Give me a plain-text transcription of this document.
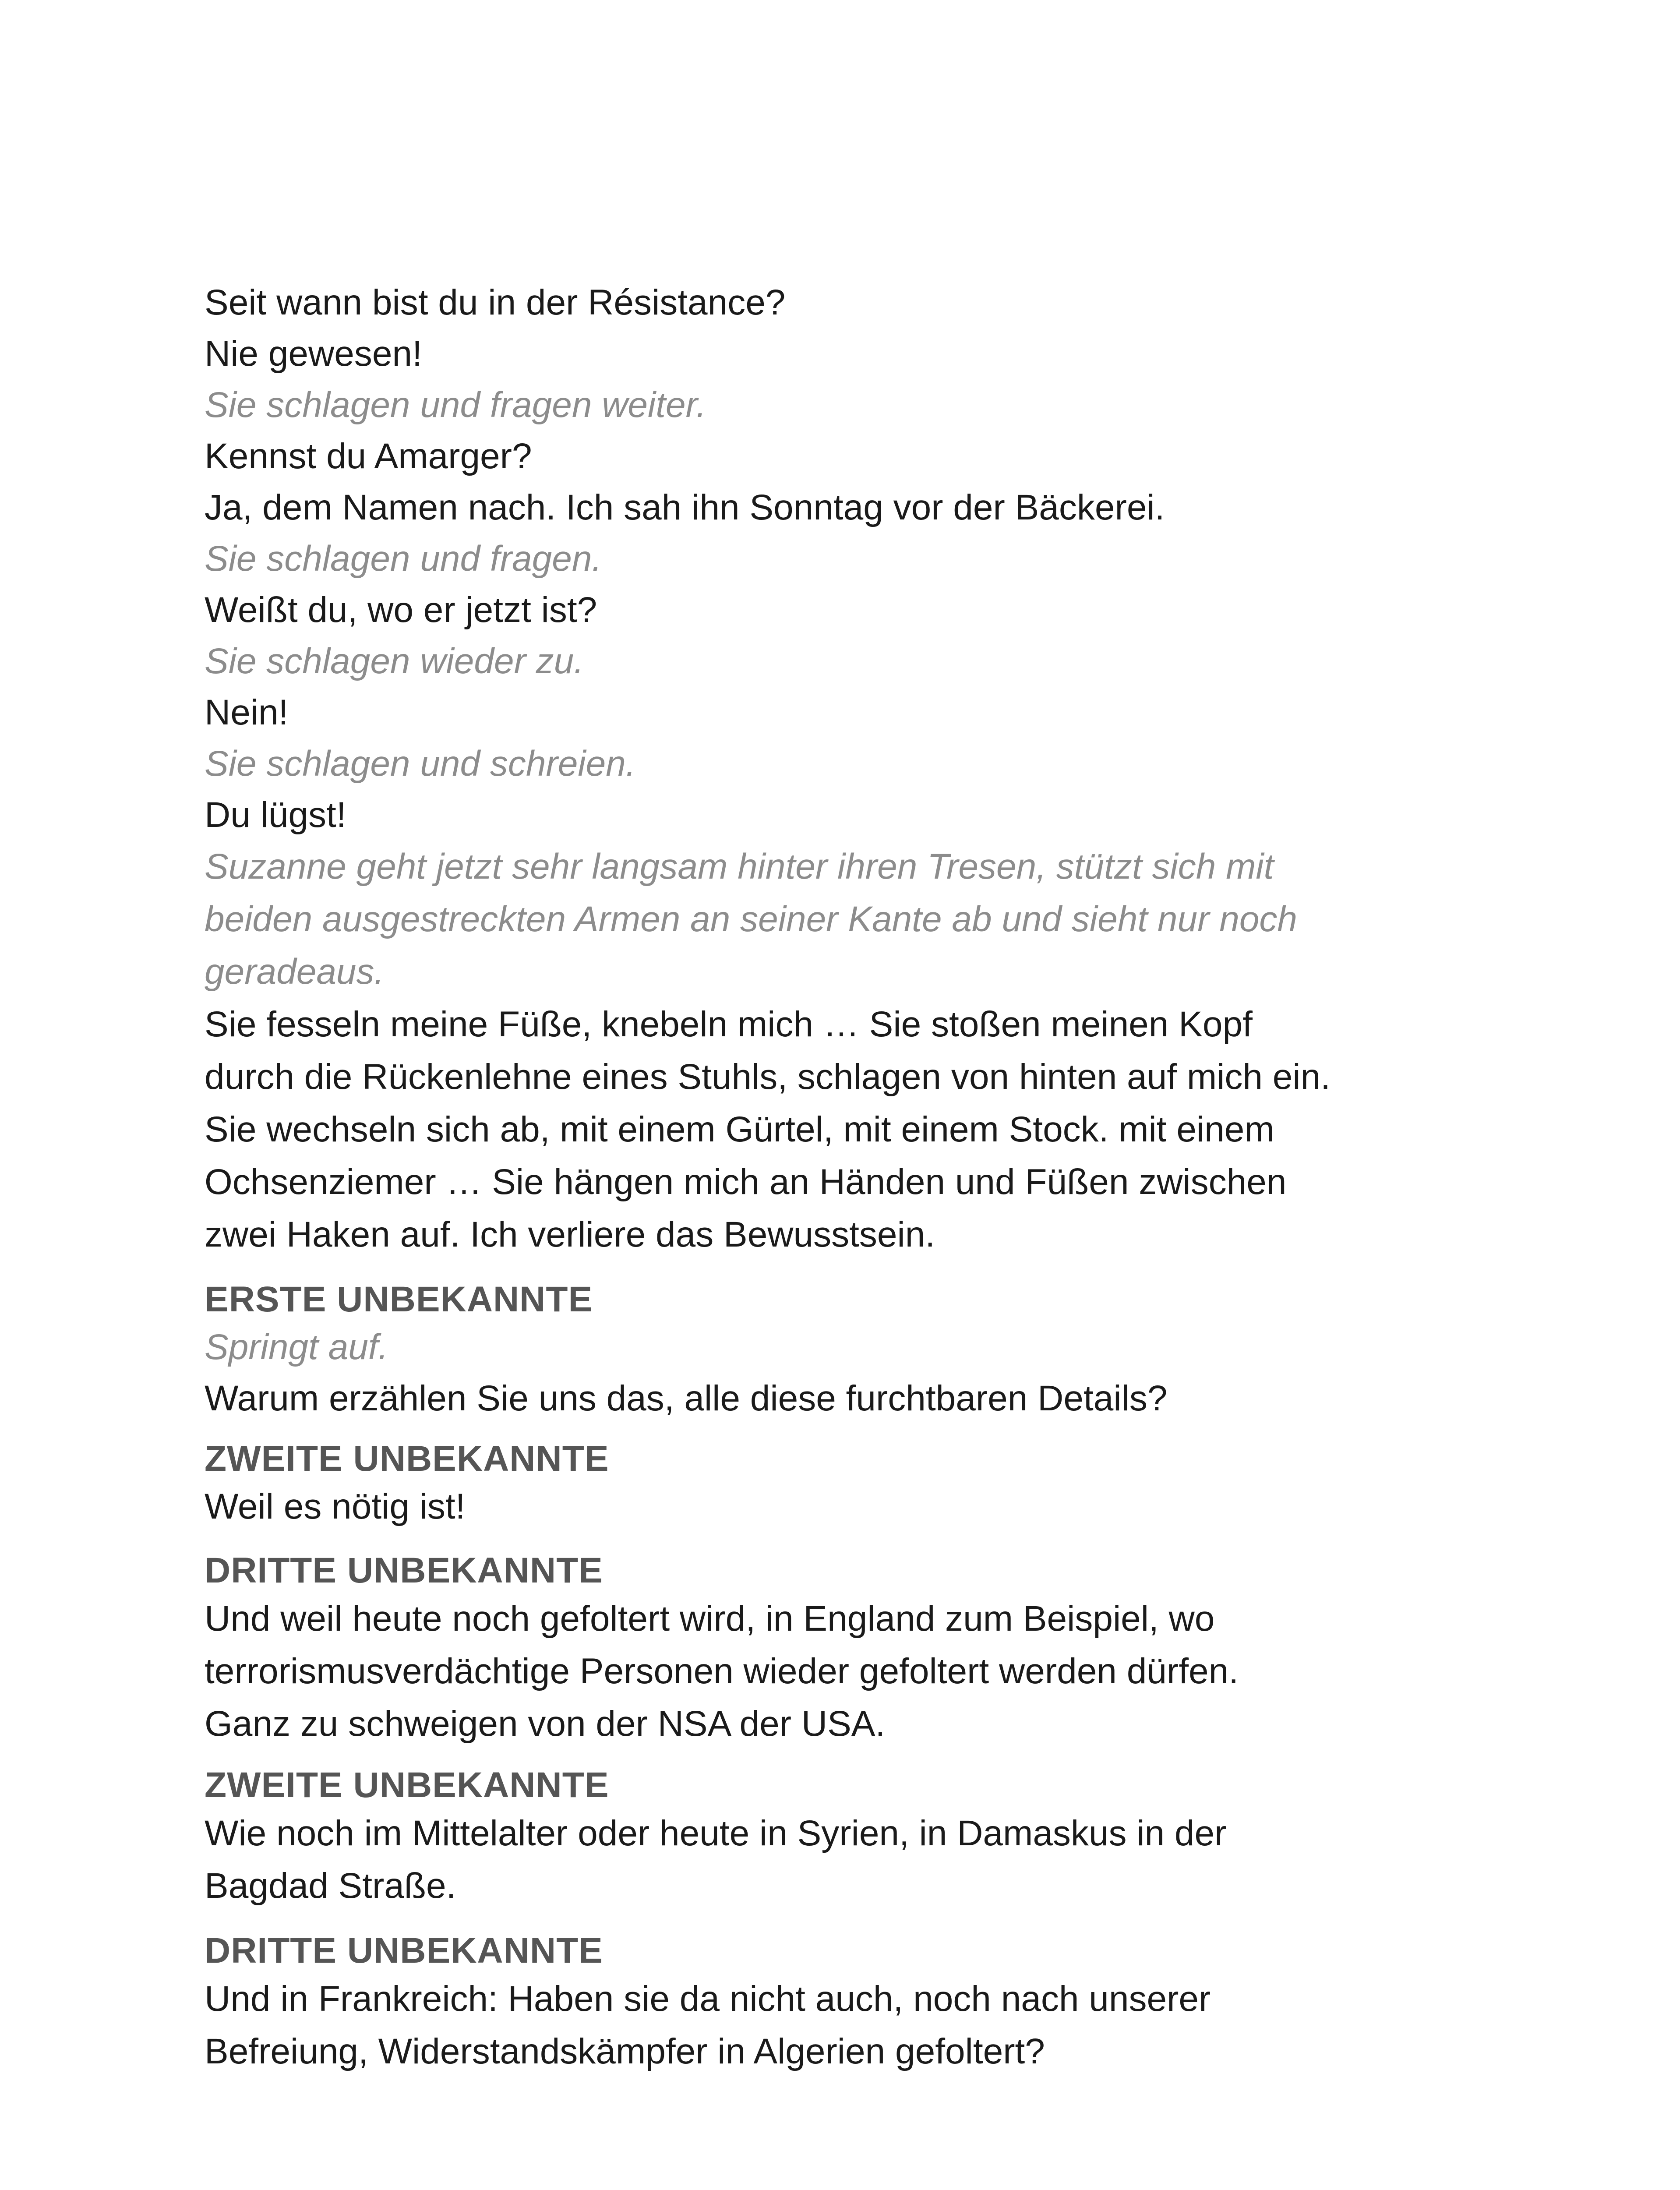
Seit wann bist du in der Résistance?

Nie gewesen!

Sie schlagen und fragen weiter.

Kennst du Amarger?

Ja, dem Namen nach. Ich sah ihn Sonntag vor der Bäckerei.

Sie schlagen und fragen.

Weißt du, wo er jetzt ist?

Sie schlagen wieder zu.

Nein!

Sie schlagen und schreien.

Du lügst!

Suzanne geht jetzt sehr langsam hinter ihren Tresen, stützt sich mit
beiden ausgestreckten Armen an seiner Kante ab und sieht nur noch
geradeaus.

Sie fesseln meine Füße, knebeln mich … Sie stoßen meinen Kopf
durch die Rückenlehne eines Stuhls, schlagen von hinten auf mich ein.
Sie wechseln sich ab, mit einem Gürtel, mit einem Stock. mit einem
Ochsenziemer … Sie hängen mich an Händen und Füßen zwischen
zwei Haken auf. Ich verliere das Bewusstsein.

ERSTE UNBEKANNTE

Springt auf.

Warum erzählen Sie uns das, alle diese furchtbaren Details?

ZWEITE UNBEKANNTE

Weil es nötig ist!

DRITTE UNBEKANNTE

Und weil heute noch gefoltert wird, in England zum Beispiel, wo
terrorismusverdächtige Personen wieder gefoltert werden dürfen.
Ganz zu schweigen von der NSA der USA.

ZWEITE UNBEKANNTE

Wie noch im Mittelalter oder heute in Syrien, in Damaskus in der
Bagdad Straße.

DRITTE UNBEKANNTE

Und in Frankreich: Haben sie da nicht auch, noch nach unserer
Befreiung, Widerstandskämpfer in Algerien gefoltert?
